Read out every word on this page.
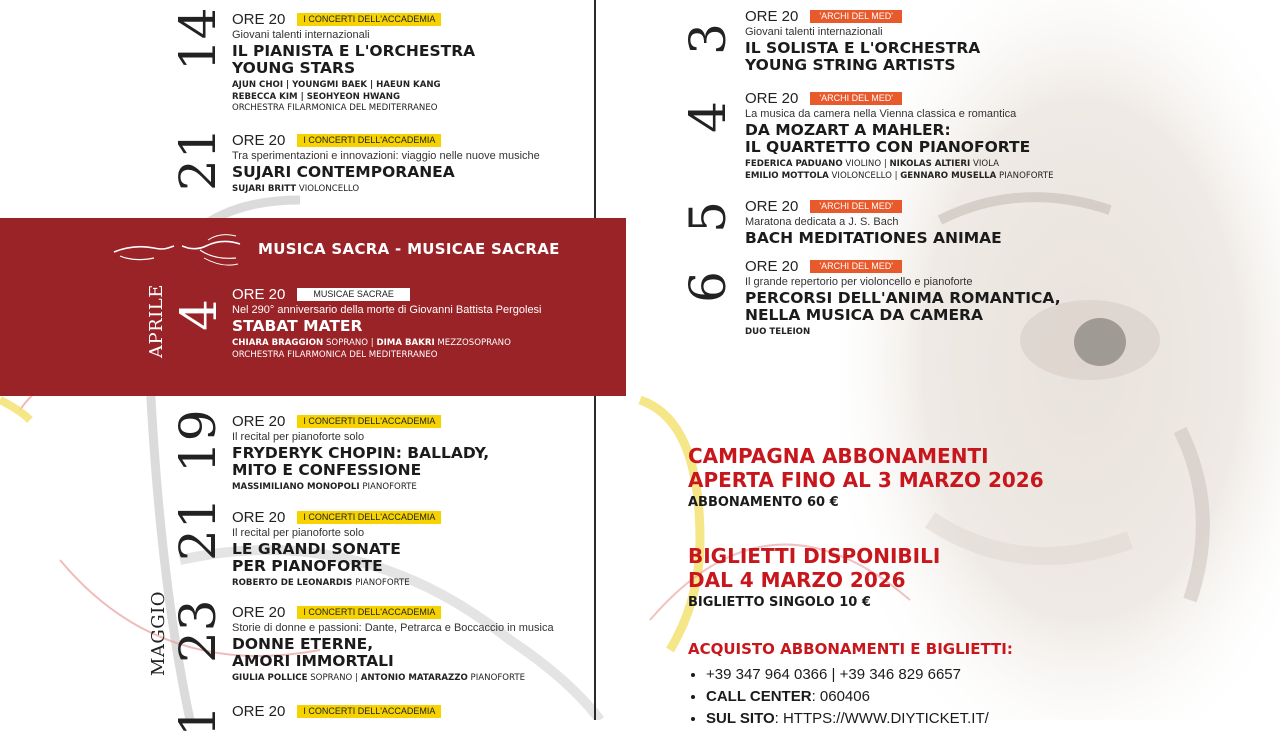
14 ORE 20 I CONCERTI DELL'ACCADEMIA
Giovani talenti internazionali
IL PIANISTA E L'ORCHESTRA
YOUNG STARS
AJUN CHOI | YOUNGMI BAEK | HAEUN KANG
REBECCA KIM | SEOHYEON HWANG
ORCHESTRA FILARMONICA DEL MEDITERRANEO
21 ORE 20 I CONCERTI DELL'ACCADEMIA
Tra sperimentazioni e innovazioni: viaggio nelle nuove musiche
SUJARI CONTEMPORANEA
SUJARI BRITT VIOLONCELLO
MUSICA SACRA - MUSICAE SACRAE
APRILE 4
ORE 20	MUSICAE SACRAE
Nel 290° anniversario della morte di Giovanni Battista Pergolesi
STABAT MATER
CHIARA BRAGGION SOPRANO | DIMA BAKRI MEZZOSOPRANO
ORCHESTRA FILARMONICA DEL MEDITERRANEO
19 ORE 20 I CONCERTI DELL'ACCADEMIA
Il recital per pianoforte solo
FRYDERYK CHOPIN: BALLADY,
MITO E CONFESSIONE
MASSIMILIANO MONOPOLI PIANOFORTE
21 ORE 20 I CONCERTI DELL'ACCADEMIA
Il recital per pianoforte solo
LE GRANDI SONATE
PER PIANOFORTE
ROBERTO DE LEONARDIS PIANOFORTE
MAGGIO 23 ORE 20 I CONCERTI DELL'ACCADEMIA
Storie di donne e passioni: Dante, Petrarca e Boccaccio in musica
DONNE ETERNE,
AMORI IMMORTALI
GIULIA POLLICE SOPRANO | ANTONIO MATARAZZO PIANOFORTE
1 ORE 20 I CONCERTI DELL'ACCADEMIA
3
ORE 20 'ARCHI DEL MED'
Giovani talenti internazionali
IL SOLISTA E L'ORCHESTRA
YOUNG STRING ARTISTS
4
ORE 20 'ARCHI DEL MED'
La musica da camera nella Vienna classica e romantica
DA MOZART A MAHLER:
IL QUARTETTO CON PIANOFORTE
FEDERICA PADUANO VIOLINO | NIKOLAS ALTIERI VIOLA
EMILIO MOTTOLA VIOLONCELLO | GENNARO MUSELLA PIANOFORTE
5 ORE 20 'ARCHI DEL MED'
Maratona dedicata a J. S. Bach
BACH MEDITATIONES ANIMAE
6
ORE 20 'ARCHI DEL MED'
Il grande repertorio per violoncello e pianoforte
PERCORSI DELL'ANIMA ROMANTICA,
NELLA MUSICA DA CAMERA
DUO TELEION
CAMPAGNA ABBONAMENTI
APERTA FINO AL 3 MARZO 2026
ABBONAMENTO 60 €
BIGLIETTI DISPONIBILI
DAL 4 MARZO 2026
BIGLIETTO SINGOLO 10 €
ACQUISTO ABBONAMENTI E BIGLIETTI:
• +39 347 964 0366 | +39 346 829 6657
• CALL CENTER: 060406
• SUL SITO: HTTPS://WWW.DIYTICKET.IT/
